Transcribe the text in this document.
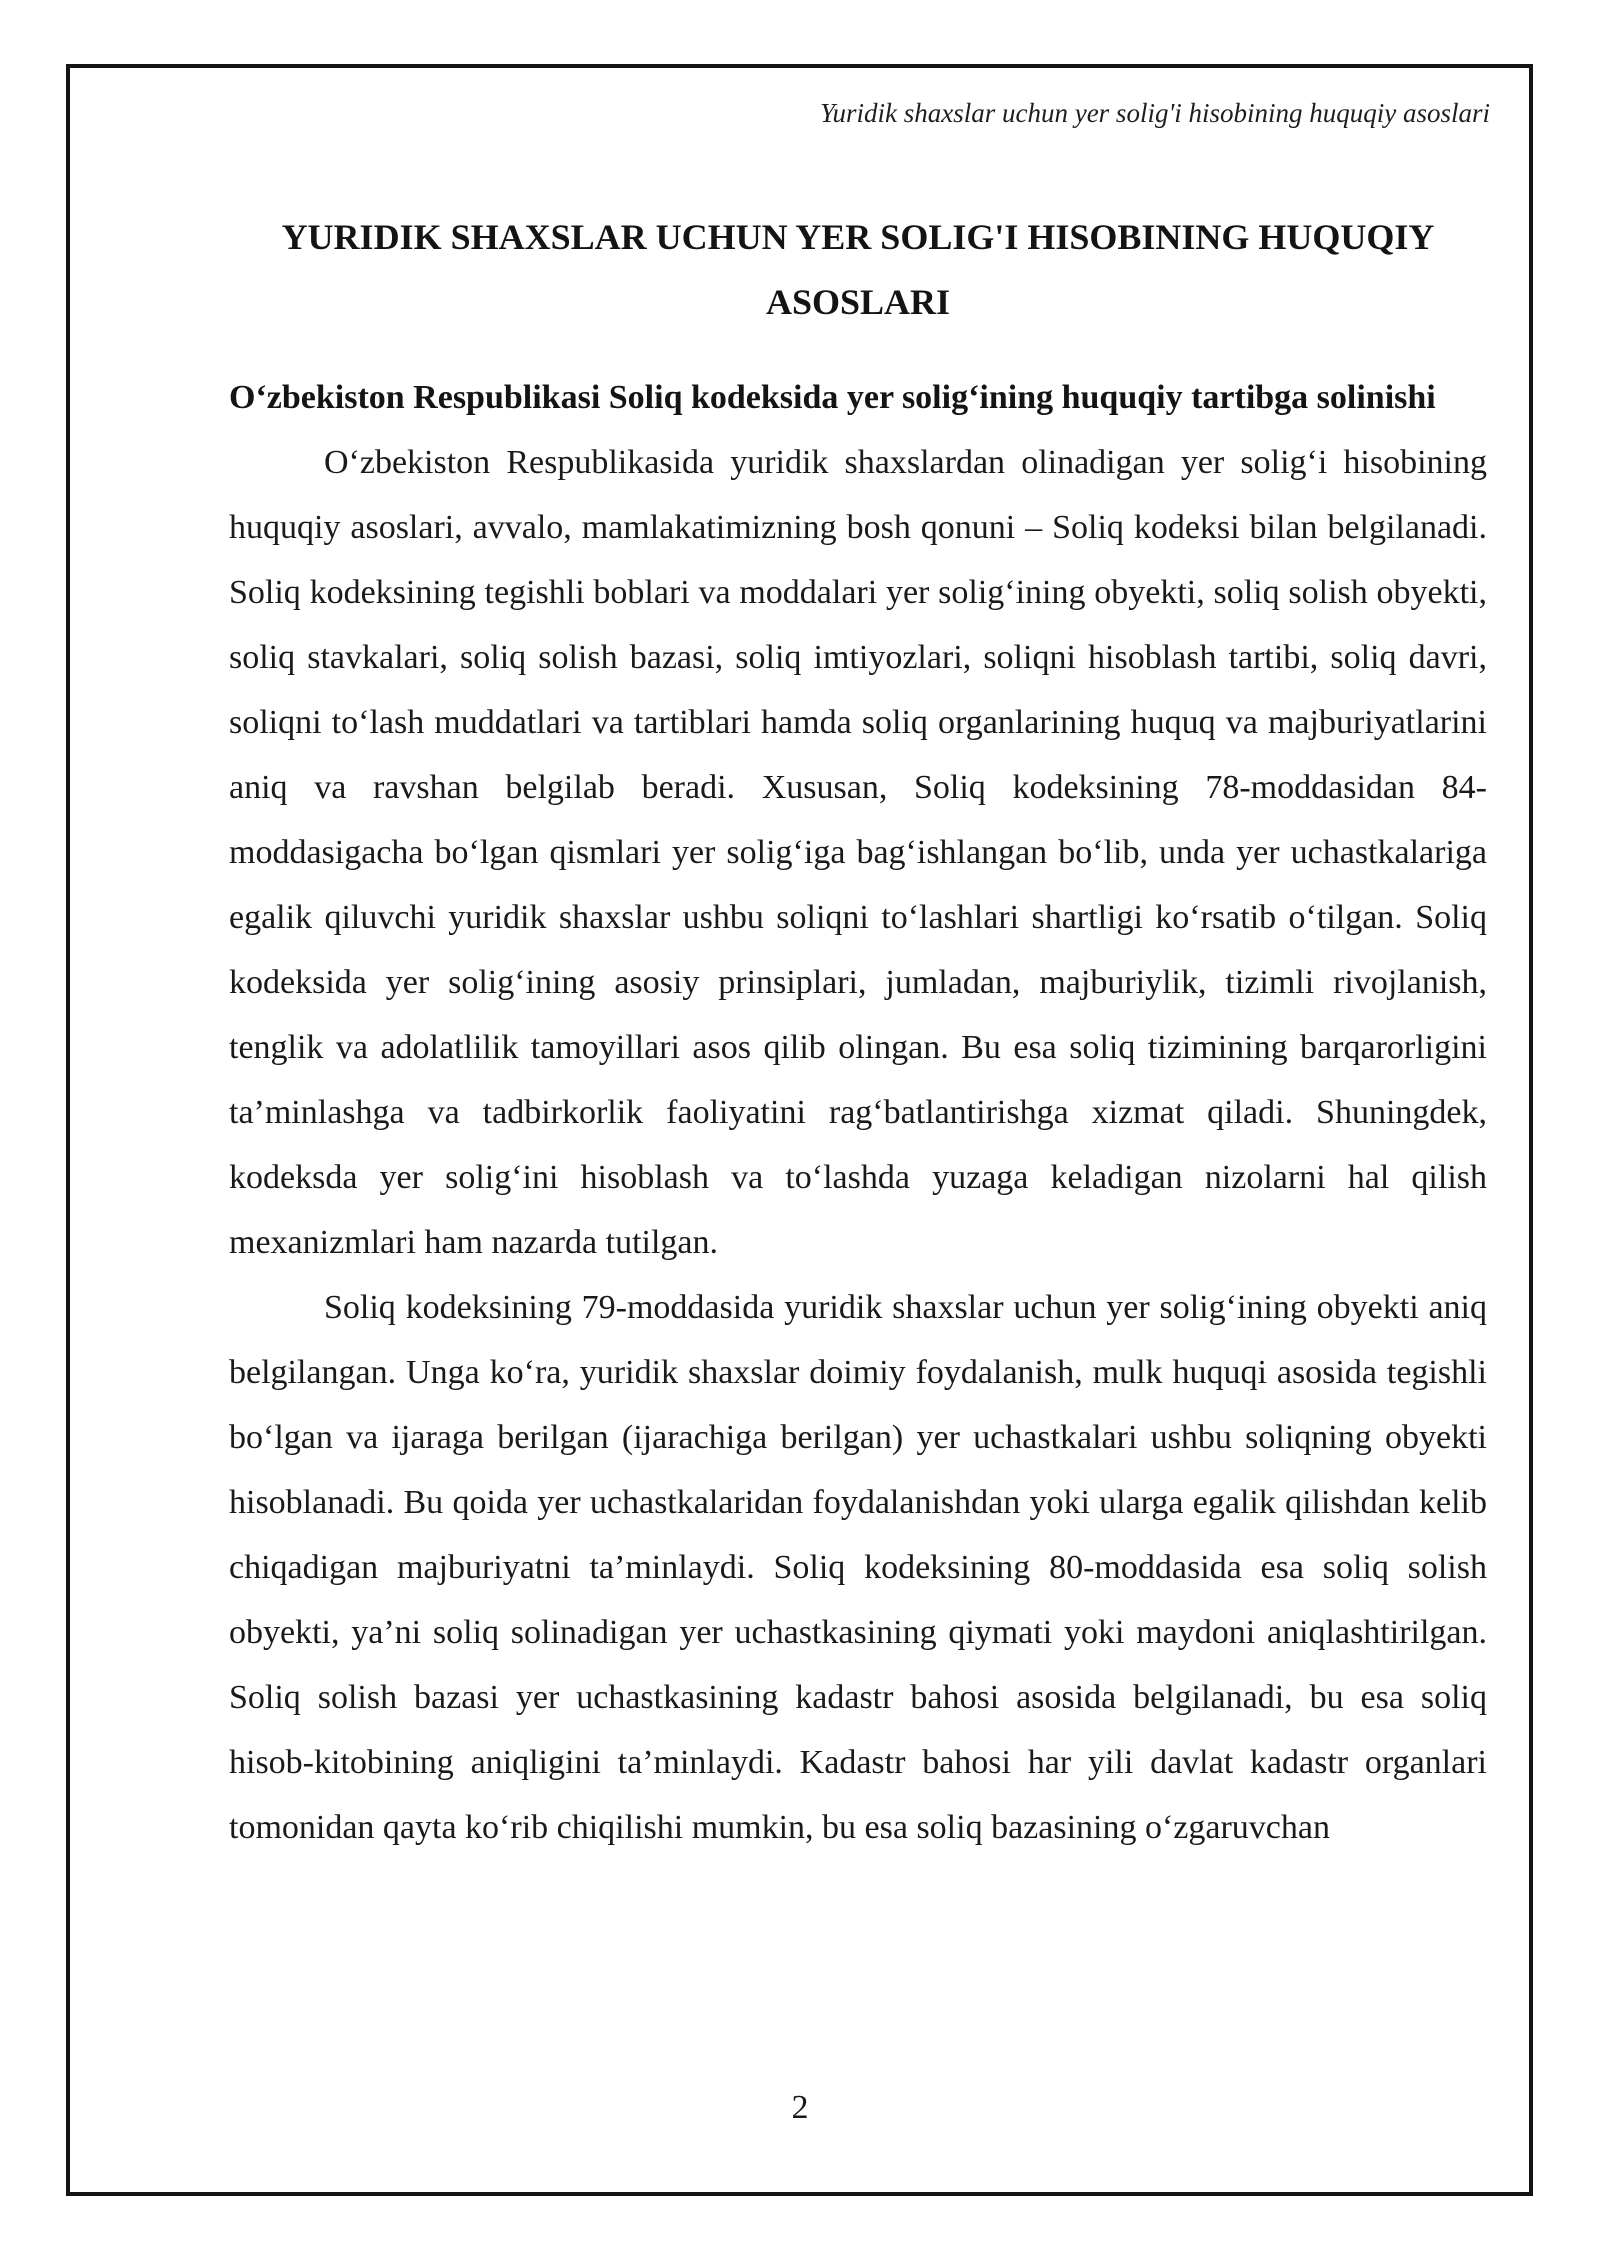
Yuridik shaxslar uchun yer solig'i hisobining huquqiy asoslari
YURIDIK SHAXSLAR UCHUN YER SOLIG'I HISOBINING HUQUQIY ASOSLARI
O‘zbekiston Respublikasi Soliq kodeksida yer solig‘ining huquqiy tartibga solinishi

O‘zbekiston Respublikasida yuridik shaxslardan olinadigan yer solig‘i hisobining huquqiy asoslari, avvalo, mamlakatimizning bosh qonuni – Soliq kodeksi bilan belgilanadi. Soliq kodeksining tegishli boblari va moddalari yer solig‘ining obyekti, soliq solish obyekti, soliq stavkalari, soliq solish bazasi, soliq imtiyozlari, soliqni hisoblash tartibi, soliq davri, soliqni to‘lash muddatlari va tartiblari hamda soliq organlarining huquq va majburiyatlarini aniq va ravshan belgilab beradi. Xususan, Soliq kodeksining 78-moddasidan 84-moddasigacha bo‘lgan qismlari yer solig‘iga bag‘ishlangan bo‘lib, unda yer uchastkalariga egalik qiluvchi yuridik shaxslar ushbu soliqni to‘lashlari shartligi ko‘rsatib o‘tilgan. Soliq kodeksida yer solig‘ining asosiy prinsiplari, jumladan, majburiylik, tizimli rivojlanish, tenglik va adolatlilik tamoyillari asos qilib olingan. Bu esa soliq tizimining barqarorligini ta’minlashga va tadbirkorlik faoliyatini rag‘batlantirishga xizmat qiladi. Shuningdek, kodeksda yer solig‘ini hisoblash va to‘lashda yuzaga keladigan nizolarni hal qilish mexanizmlari ham nazarda tutilgan.

Soliq kodeksining 79-moddasida yuridik shaxslar uchun yer solig‘ining obyekti aniq belgilangan. Unga ko‘ra, yuridik shaxslar doimiy foydalanish, mulk huquqi asosida tegishli bo‘lgan va ijaraga berilgan (ijarachiga berilgan) yer uchastkalari ushbu soliqning obyekti hisoblanadi. Bu qoida yer uchastkalaridan foydalanishdan yoki ularga egalik qilishdan kelib chiqadigan majburiyatni ta’minlaydi. Soliq kodeksining 80-moddasida esa soliq solish obyekti, ya’ni soliq solinadigan yer uchastkasining qiymati yoki maydoni aniqlashtirilgan. Soliq solish bazasi yer uchastkasining kadastr bahosi asosida belgilanadi, bu esa soliq hisob-kitobining aniqligini ta’minlaydi. Kadastr bahosi har yili davlat kadastr organlari tomonidan qayta ko‘rib chiqilishi mumkin, bu esa soliq bazasining o‘zgaruvchan

2
